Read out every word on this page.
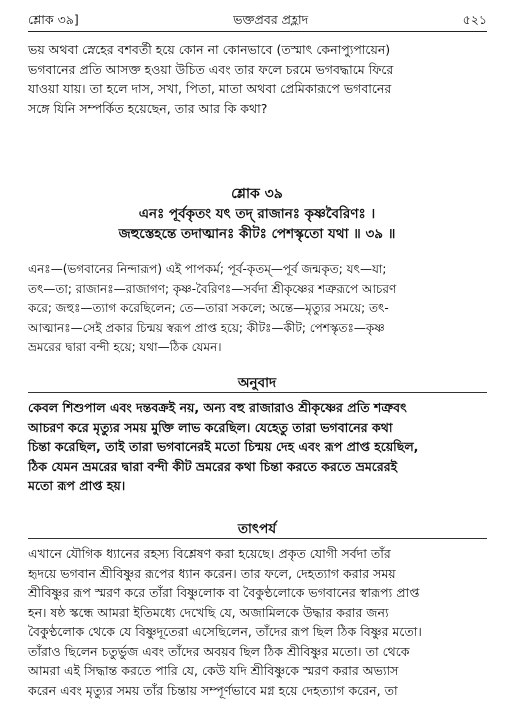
শ্লোক ৩৯]	ভক্তপ্রবর প্রহ্লাদ	৫২১
ভয় অথবা স্নেহের বশবর্তী হয়ে কোন না কোনভাবে (তস্মাৎ কেনাপ্যুপায়েন)
ভগবানের প্রতি আসক্ত হওয়া উচিত এবং তার ফলে চরমে ভগবদ্ধামে ফিরে
যাওয়া যায়। তা হলে দাস, সখা, পিতা, মাতা অথবা প্রেমিকারূপে ভগবানের
সঙ্গে যিনি সম্পর্কিত হয়েছেন, তার আর কি কথা?
শ্লোক ৩৯
এনঃ পূর্বকৃতং যৎ তদ্ রাজানঃ কৃষ্ণবৈরিণঃ ।
জহুস্তেহন্তে তদাত্মানঃ কীটঃ পেশস্কৃতো যথা ॥ ৩৯ ॥
এনঃ—(ভগবানের নিন্দারূপ) এই পাপকর্ম; পূর্ব-কৃতম্—পূর্ব জন্মকৃত; যৎ—যা;
তৎ—তা; রাজানঃ—রাজাগণ; কৃষ্ণ-বৈরিণঃ—সর্বদা শ্রীকৃষ্ণের শত্রুরূপে আচরণ
করে; জহুঃ—ত্যাগ করেছিলেন; তে—তারা সকলে; অন্তে—মৃত্যুর সময়ে; তৎ-
আত্মানঃ—সেই প্রকার চিন্ময় স্বরূপ প্রাপ্ত হয়ে; কীটঃ—কীট; পেশস্কৃতঃ—কৃষ্ণ
ভ্রমরের দ্বারা বন্দী হয়ে; যথা—ঠিক যেমন।
অনুবাদ
কেবল শিশুপাল এবং দন্তবক্রই নয়, অন্য বহু রাজারাও শ্রীকৃষ্ণের প্রতি শত্রুবৎ
আচরণ করে মৃত্যুর সময় মুক্তি লাভ করেছিল। যেহেতু তারা ভগবানের কথা
চিন্তা করেছিল, তাই তারা ভগবানেরই মতো চিন্ময় দেহ এবং রূপ প্রাপ্ত হয়েছিল,
ঠিক যেমন ভ্রমরের দ্বারা বন্দী কীট ভ্রমরের কথা চিন্তা করতে করতে ভ্রমরেরই
মতো রূপ প্রাপ্ত হয়।
তাৎপর্য
এখানে যৌগিক ধ্যানের রহস্য বিশ্লেষণ করা হয়েছে। প্রকৃত যোগী সর্বদা তাঁর
হৃদয়ে ভগবান শ্রীবিষ্ণুর রূপের ধ্যান করেন। তার ফলে, দেহত্যাগ করার সময়
শ্রীবিষ্ণুর রূপ স্মরণ করে তাঁরা বিষ্ণুলোক বা বৈকুণ্ঠলোকে ভগবানের স্বারূপ্য প্রাপ্ত
হন। ষষ্ঠ স্কন্ধে আমরা ইতিমধ্যে দেখেছি যে, অজামিলকে উদ্ধার করার জন্য
বৈকুণ্ঠলোক থেকে যে বিষ্ণুদূতেরা এসেছিলেন, তাঁদের রূপ ছিল ঠিক বিষ্ণুর মতো।
তাঁরাও ছিলেন চতুর্ভুজ এবং তাঁদের অবয়ব ছিল ঠিক শ্রীবিষ্ণুর মতো। তা থেকে
আমরা এই সিদ্ধান্ত করতে পারি যে, কেউ যদি শ্রীবিষ্ণুকে স্মরণ করার অভ্যাস
করেন এবং মৃত্যুর সময় তাঁর চিন্তায় সম্পূর্ণভাবে মগ্ন হয়ে দেহত্যাগ করেন, তা
